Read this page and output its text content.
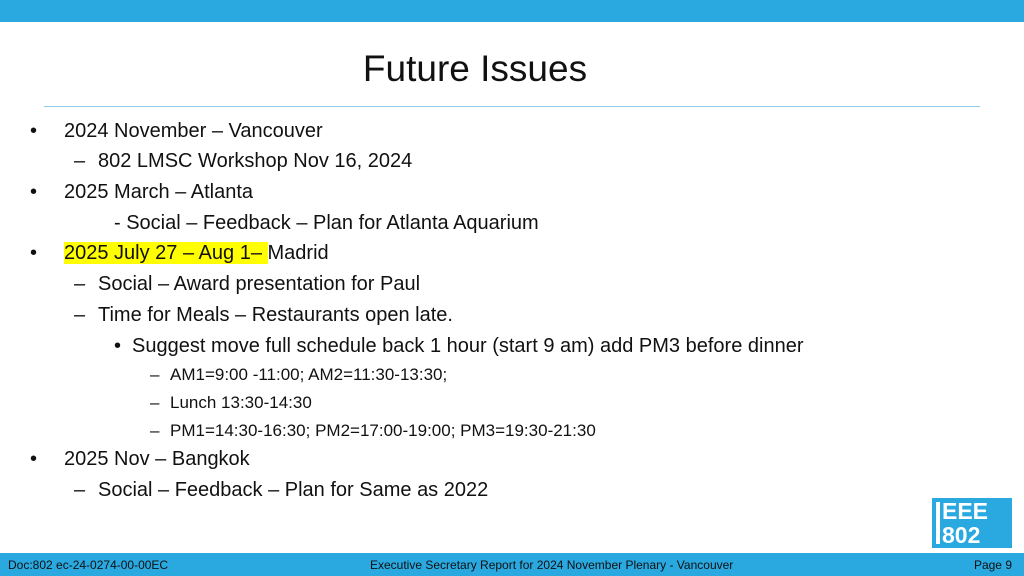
Future Issues
• 2024 November – Vancouver
– 802 LMSC Workshop Nov 16, 2024
• 2025 March – Atlanta
- Social – Feedback – Plan for Atlanta Aquarium
• 2025 July 27 – Aug 1– Madrid
– Social – Award presentation for Paul
– Time for Meals – Restaurants open late.
• Suggest move full schedule back 1 hour (start 9 am) add PM3 before dinner
– AM1=9:00 -11:00; AM2=11:30-13:30;
– Lunch 13:30-14:30
– PM1=14:30-16:30; PM2=17:00-19:00; PM3=19:30-21:30
• 2025 Nov – Bangkok
– Social – Feedback – Plan for Same as 2022
EEE
802
Doc:802 ec-24-0274-00-00EC	Executive Secretary Report for 2024 November Plenary - Vancouver	Page 9
